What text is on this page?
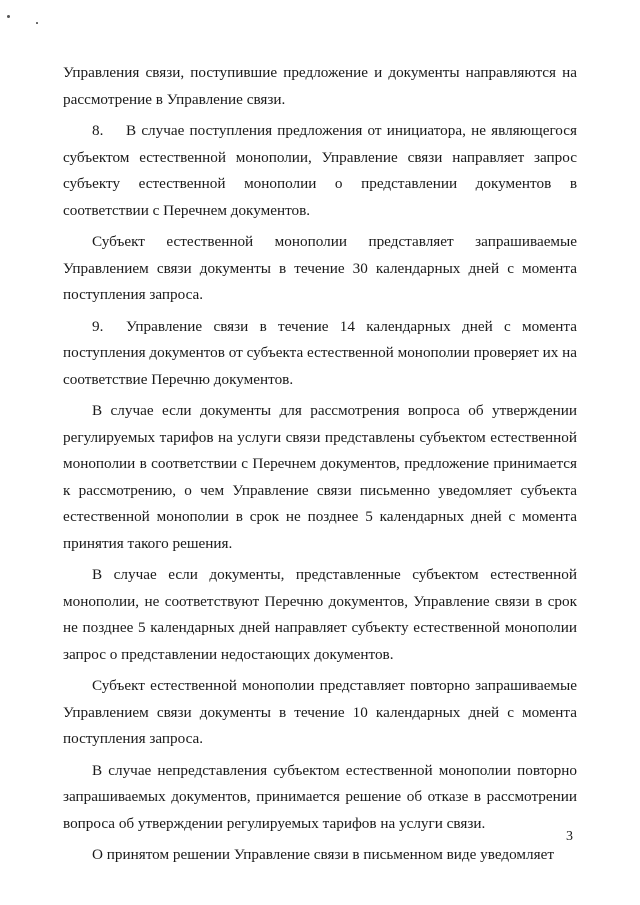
Управления связи, поступившие предложение и документы направляются на рассмотрение в Управление связи.

8. В случае поступления предложения от инициатора, не являющегося субъектом естественной монополии, Управление связи направляет запрос субъекту естественной монополии о представлении документов в соответствии с Перечнем документов.

Субъект естественной монополии представляет запрашиваемые Управлением связи документы в течение 30 календарных дней с момента поступления запроса.

9. Управление связи в течение 14 календарных дней с момента поступления документов от субъекта естественной монополии проверяет их на соответствие Перечню документов.

В случае если документы для рассмотрения вопроса об утверждении регулируемых тарифов на услуги связи представлены субъектом естественной монополии в соответствии с Перечнем документов, предложение принимается к рассмотрению, о чем Управление связи письменно уведомляет субъекта естественной монополии в срок не позднее 5 календарных дней с момента принятия такого решения.

В случае если документы, представленные субъектом естественной монополии, не соответствуют Перечню документов, Управление связи в срок не позднее 5 календарных дней направляет субъекту естественной монополии запрос о представлении недостающих документов.

Субъект естественной монополии представляет повторно запрашиваемые Управлением связи документы в течение 10 календарных дней с момента поступления запроса.

В случае непредставления субъектом естественной монополии повторно запрашиваемых документов, принимается решение об отказе в рассмотрении вопроса об утверждении регулируемых тарифов на услуги связи.

О принятом решении Управление связи в письменном виде уведомляет

3
